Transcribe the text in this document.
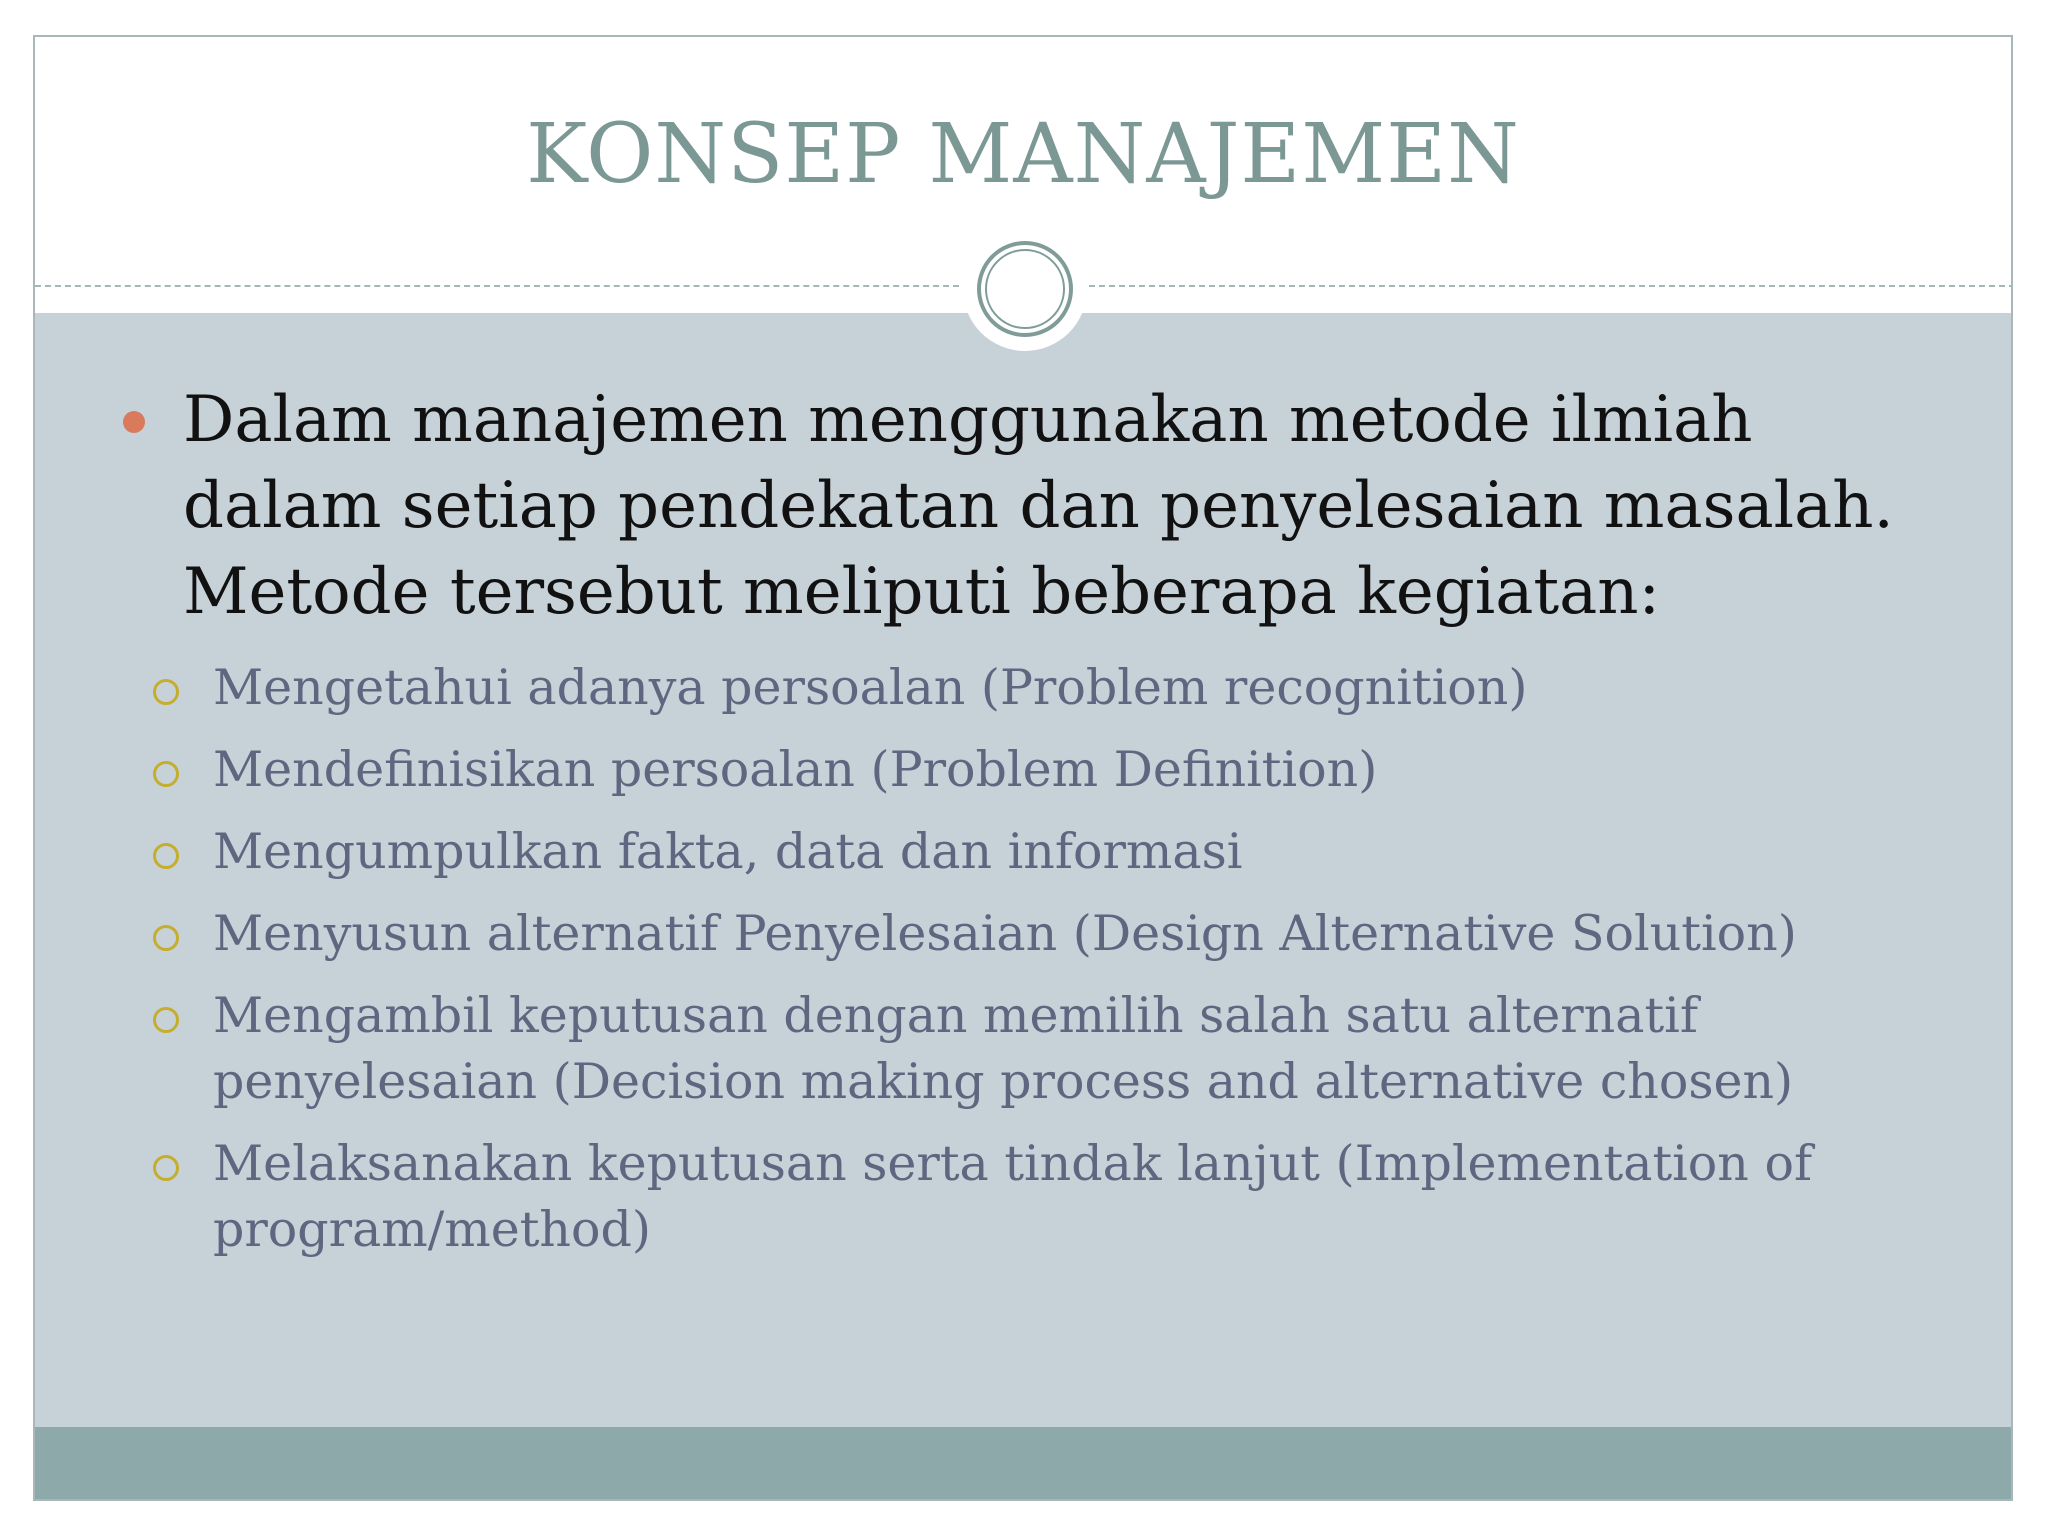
KONSEP MANAJEMEN
Dalam manajemen menggunakan metode ilmiah dalam setiap pendekatan dan penyelesaian masalah. Metode tersebut meliputi beberapa kegiatan:
Mengetahui adanya persoalan (Problem recognition)
Mendefinisikan persoalan (Problem Definition)
Mengumpulkan fakta, data dan informasi
Menyusun alternatif Penyelesaian (Design Alternative Solution)
Mengambil keputusan dengan memilih salah satu alternatif penyelesaian (Decision making process and alternative chosen)
Melaksanakan keputusan serta tindak lanjut (Implementation of program/method)
